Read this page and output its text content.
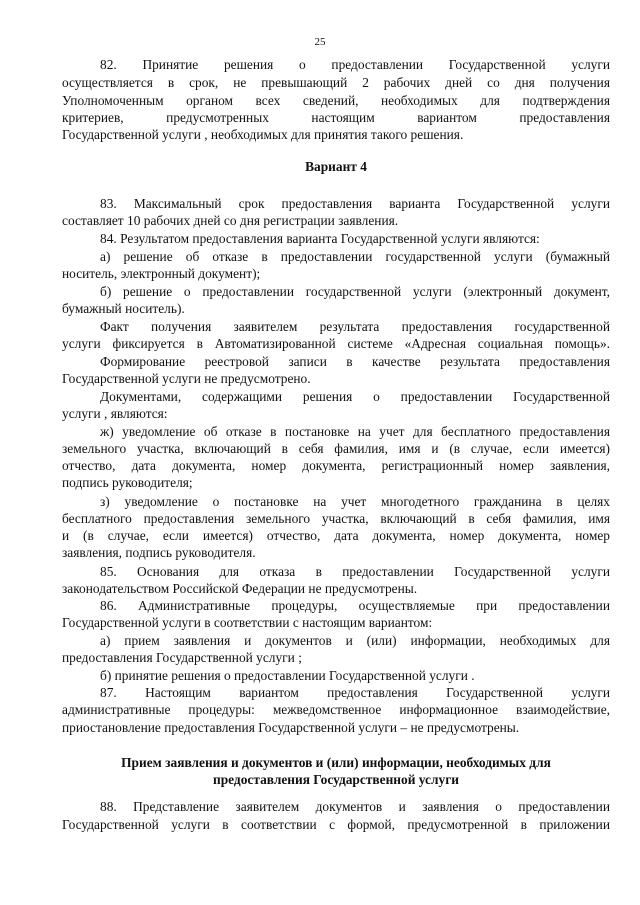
25
82. Принятие решения о предоставлении Государственной услуги
осуществляется в срок, не превышающий 2 рабочих дней со дня получения
Уполномоченным органом всех сведений, необходимых для подтверждения
критериев, предусмотренных настоящим вариантом предоставления
Государственной услуги , необходимых для принятия такого решения.
Вариант 4
83. Максимальный срок предоставления варианта Государственной услуги
составляет 10 рабочих дней со дня регистрации заявления.
84. Результатом предоставления варианта Государственной услуги являются:
а) решение об отказе в предоставлении государственной услуги (бумажный
носитель, электронный документ);
б) решение о предоставлении государственной услуги (электронный документ,
бумажный носитель).
Факт получения заявителем результата предоставления государственной
услуги фиксируется в Автоматизированной системе «Адресная социальная помощь».
Формирование реестровой записи в качестве результата предоставления
Государственной услуги не предусмотрено.
Документами, содержащими решения о предоставлении Государственной
услуги , являются:
ж) уведомление об отказе в постановке на учет для бесплатного предоставления
земельного участка, включающий в себя фамилия, имя и (в случае, если имеется)
отчество, дата документа, номер документа, регистрационный номер заявления,
подпись руководителя;
з) уведомление о постановке на учет многодетного гражданина в целях
бесплатного предоставления земельного участка, включающий в себя фамилия, имя
и (в случае, если имеется) отчество, дата документа, номер документа, номер
заявления, подпись руководителя.
85. Основания для отказа в предоставлении Государственной услуги
законодательством Российской Федерации не предусмотрены.
86. Административные процедуры, осуществляемые при предоставлении
Государственной услуги в соответствии с настоящим вариантом:
а) прием заявления и документов и (или) информации, необходимых для
предоставления Государственной услуги ;
б) принятие решения о предоставлении Государственной услуги .
87. Настоящим вариантом предоставления Государственной услуги
административные процедуры: межведомственное информационное взаимодействие,
приостановление предоставления Государственной услуги – не предусмотрены.
Прием заявления и документов и (или) информации, необходимых для
предоставления Государственной услуги
88. Представление заявителем документов и заявления о предоставлении
Государственной услуги в соответствии с формой, предусмотренной в приложении
